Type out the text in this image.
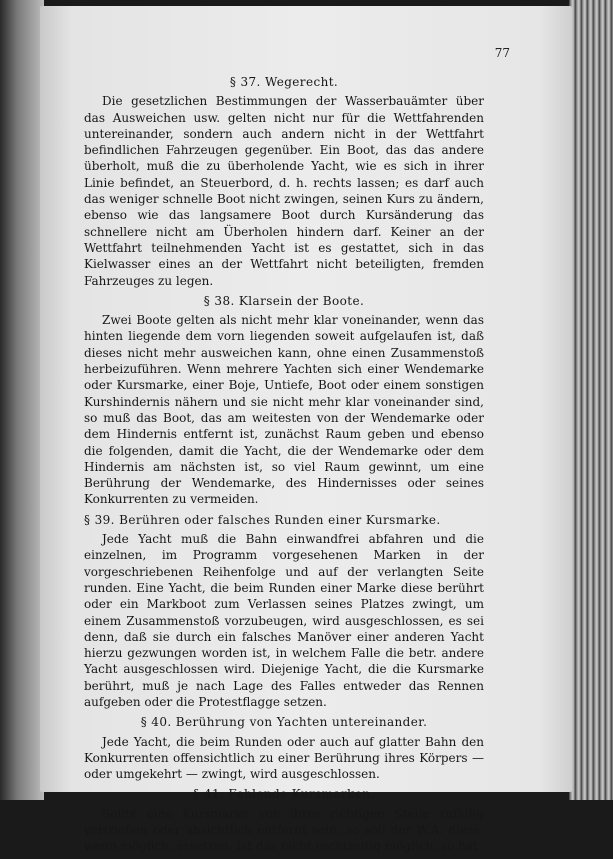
77
§ 37. Wegerecht.

Die gesetzlichen Bestimmungen der Wasserbauämter über das Ausweichen usw. gelten nicht nur für die Wettfahrenden untereinander, sondern auch andern nicht in der Wettfahrt befindlichen Fahrzeugen gegenüber. Ein Boot, das das andere überholt, muß die zu überholende Yacht, wie es sich in ihrer Linie befindet, an Steuerbord, d. h. rechts lassen; es darf auch das weniger schnelle Boot nicht zwingen, seinen Kurs zu ändern, ebenso wie das langsamere Boot durch Kursänderung das schnellere nicht am Überholen hindern darf. Keiner an der Wettfahrt teilnehmenden Yacht ist es gestattet, sich in das Kielwasser eines an der Wettfahrt nicht beteiligten, fremden Fahrzeuges zu legen.

§ 38. Klarsein der Boote.

Zwei Boote gelten als nicht mehr klar voneinander, wenn das hinten liegende dem vorn liegenden soweit aufgelaufen ist, daß dieses nicht mehr ausweichen kann, ohne einen Zusammenstoß herbeizuführen. Wenn mehrere Yachten sich einer Wendemarke oder Kursmarke, einer Boje, Untiefe, Boot oder einem sonstigen Kurshindernis nähern und sie nicht mehr klar voneinander sind, so muß das Boot, das am weitesten von der Wendemarke oder dem Hindernis entfernt ist, zunächst Raum geben und ebenso die folgenden, damit die Yacht, die der Wendemarke oder dem Hindernis am nächsten ist, so viel Raum gewinnt, um eine Berührung der Wendemarke, des Hindernisses oder seines Konkurrenten zu vermeiden.

§ 39. Berühren oder falsches Runden einer Kursmarke.

Jede Yacht muß die Bahn einwandfrei abfahren und die einzelnen, im Programm vorgesehenen Marken in der vorgeschriebenen Reihenfolge und auf der verlangten Seite runden. Eine Yacht, die beim Runden einer Marke diese berührt oder ein Markboot zum Verlassen seines Platzes zwingt, um einem Zusammenstoß vorzubeugen, wird ausgeschlossen, es sei denn, daß sie durch ein falsches Manöver einer anderen Yacht hierzu gezwungen worden ist, in welchem Falle die betr. andere Yacht ausgeschlossen wird. Diejenige Yacht, die die Kursmarke berührt, muß je nach Lage des Falles entweder das Rennen aufgeben oder die Protestflagge setzen.

§ 40. Berührung von Yachten untereinander.

Jede Yacht, die beim Runden oder auch auf glatter Bahn den Konkurrenten offensichtlich zu einer Berührung ihres Körpers — oder umgekehrt — zwingt, wird ausgeschlossen.

§ 41. Fehlende Kursmarken.

Sollte eine Kursmarke von ihrer richtigen Stelle zufällig vertrieben oder absichtlich entfernt sein, so soll der W.A. diese, wenn möglich, ersetzen. Ist das nicht rechtzeitig möglich, so hat
